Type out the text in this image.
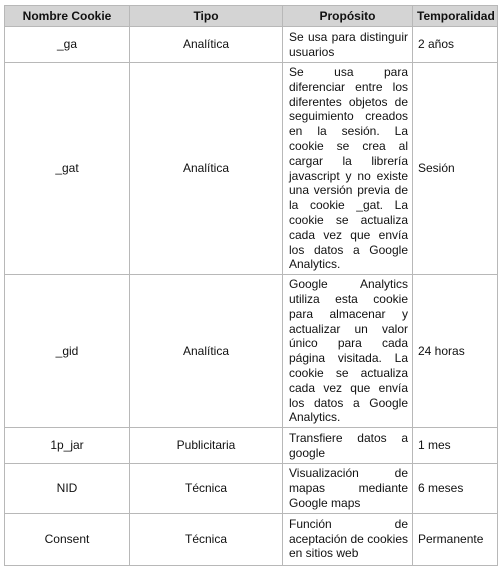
Nombre Cookie	Tipo	Propósito	Temporalidad
_ga	Analítica	Se usa para distinguir usuarios	2 años
_gat	Analítica	Se usa para diferenciar entre los diferentes objetos de seguimiento creados en la sesión. La cookie se crea al cargar la librería javascript y no existe una versión previa de la cookie _gat. La cookie se actualiza cada vez que envía los datos a Google Analytics.	Sesión
_gid	Analítica	Google Analytics utiliza esta cookie para almacenar y actualizar un valor único para cada página visitada. La cookie se actualiza cada vez que envía los datos a Google Analytics.	24 horas
1p_jar	Publicitaria	Transfiere datos a google	1 mes
NID	Técnica	Visualización de mapas mediante Google maps	6 meses
Consent	Técnica	Función de aceptación de cookies en sitios web	Permanente
